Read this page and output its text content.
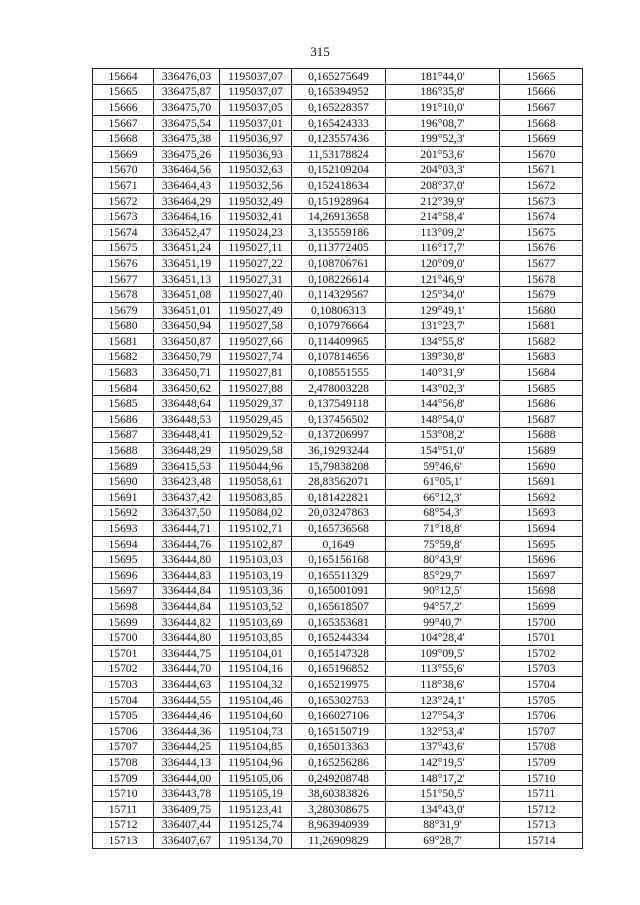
315
15664	336476,03	1195037,07	0,165275649	181°44,0'	15665
15665	336475,87	1195037,07	0,165394952	186°35,8'	15666
15666	336475,70	1195037,05	0,165228357	191°10,0'	15667
15667	336475,54	1195037,01	0,165424333	196°08,7'	15668
15668	336475,38	1195036,97	0,123557436	199°52,3'	15669
15669	336475,26	1195036,93	11,53178824	201°53,6'	15670
15670	336464,56	1195032,63	0,152109204	204°03,3'	15671
15671	336464,43	1195032,56	0,152418634	208°37,0'	15672
15672	336464,29	1195032,49	0,151928964	212°39,9'	15673
15673	336464,16	1195032,41	14,26913658	214°58,4'	15674
15674	336452,47	1195024,23	3,135559186	113°09,2'	15675
15675	336451,24	1195027,11	0,113772405	116°17,7'	15676
15676	336451,19	1195027,22	0,108706761	120°09,0'	15677
15677	336451,13	1195027,31	0,108226614	121°46,9'	15678
15678	336451,08	1195027,40	0,114329567	125°34,0'	15679
15679	336451,01	1195027,49	0,10806313	129°49,1'	15680
15680	336450,94	1195027,58	0,107976664	131°23,7'	15681
15681	336450,87	1195027,66	0,114409965	134°55,8'	15682
15682	336450,79	1195027,74	0,107814656	139°30,8'	15683
15683	336450,71	1195027,81	0,108551555	140°31,9'	15684
15684	336450,62	1195027,88	2,478003228	143°02,3'	15685
15685	336448,64	1195029,37	0,137549118	144°56,8'	15686
15686	336448,53	1195029,45	0,137456502	148°54,0'	15687
15687	336448,41	1195029,52	0,137206997	153°08,2'	15688
15688	336448,29	1195029,58	36,19293244	154°51,0'	15689
15689	336415,53	1195044,96	15,79838208	59°46,6'	15690
15690	336423,48	1195058,61	28,83562071	61°05,1'	15691
15691	336437,42	1195083,85	0,181422821	66°12,3'	15692
15692	336437,50	1195084,02	20,03247863	68°54,3'	15693
15693	336444,71	1195102,71	0,165736568	71°18,8'	15694
15694	336444,76	1195102,87	0,1649	75°59,8'	15695
15695	336444,80	1195103,03	0,165156168	80°43,9'	15696
15696	336444,83	1195103,19	0,165511329	85°29,7'	15697
15697	336444,84	1195103,36	0,165001091	90°12,5'	15698
15698	336444,84	1195103,52	0,165618507	94°57,2'	15699
15699	336444,82	1195103,69	0,165353681	99°40,7'	15700
15700	336444,80	1195103,85	0,165244334	104°28,4'	15701
15701	336444,75	1195104,01	0,165147328	109°09,5'	15702
15702	336444,70	1195104,16	0,165196852	113°55,6'	15703
15703	336444,63	1195104,32	0,165219975	118°38,6'	15704
15704	336444,55	1195104,46	0,165302753	123°24,1'	15705
15705	336444,46	1195104,60	0,166027106	127°54,3'	15706
15706	336444,36	1195104,73	0,165150719	132°53,4'	15707
15707	336444,25	1195104,85	0,165013363	137°43,6'	15708
15708	336444,13	1195104,96	0,165256286	142°19,5'	15709
15709	336444,00	1195105,06	0,249208748	148°17,2'	15710
15710	336443,78	1195105,19	38,60383826	151°50,5'	15711
15711	336409,75	1195123,41	3,280308675	134°43,0'	15712
15712	336407,44	1195125,74	8,963940939	88°31,9'	15713
15713	336407,67	1195134,70	11,26909829	69°28,7'	15714
